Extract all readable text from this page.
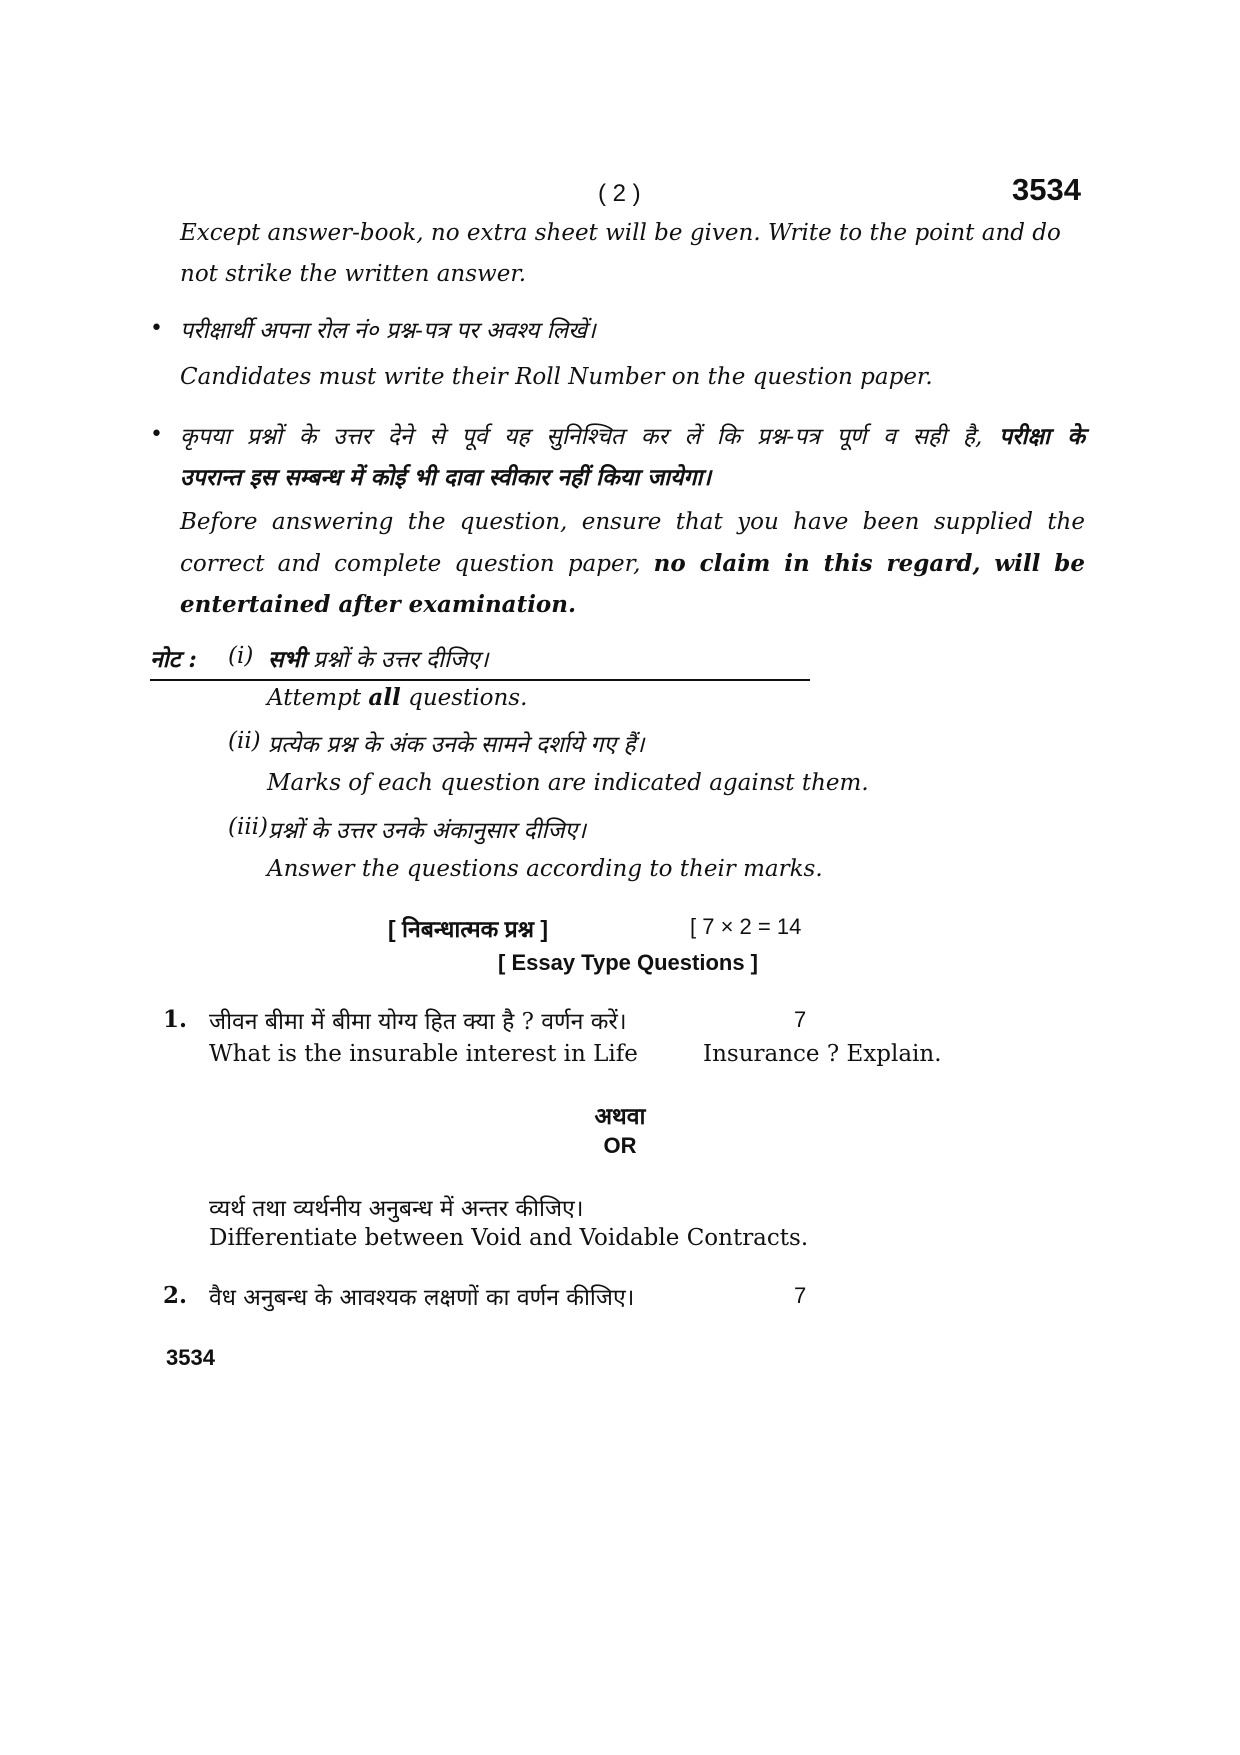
( 2 )	3534
Except answer-book, no extra sheet will be given. Write to the point and do
not strike the written answer.
• परीक्षार्थी अपना रोल नं० प्रश्न-पत्र पर अवश्य लिखें।
Candidates must write their Roll Number on the question paper.
• कृपया प्रश्नों के उत्तर देने से पूर्व यह सुनिश्चित कर लें कि प्रश्न-पत्र पूर्ण व सही है, परीक्षा के
उपरान्त इस सम्बन्ध में कोई भी दावा स्वीकार नहीं किया जायेगा।
Before answering the question, ensure that you have been supplied the
correct and complete question paper, no claim in this regard, will be
entertained after examination.
नोट : (i) सभी प्रश्नों के उत्तर दीजिए।
Attempt all questions.
(ii) प्रत्येक प्रश्न के अंक उनके सामने दर्शाये गए हैं।
Marks of each question are indicated against them.
(iii) प्रश्नों के उत्तर उनके अंकानुसार दीजिए।
Answer the questions according to their marks.
[ निबन्धात्मक प्रश्न ]	[ 7 × 2 = 14
[ Essay Type Questions ]
1. जीवन बीमा में बीमा योग्य हित क्या है ? वर्णन करें।	7
What is the insurable interest in Life	Insurance ? Explain.
अथवा
OR
व्यर्थ तथा व्यर्थनीय अनुबन्ध में अन्तर कीजिए।
Differentiate between Void and Voidable Contracts.
2. वैध अनुबन्ध के आवश्यक लक्षणों का वर्णन कीजिए।	7
3534
